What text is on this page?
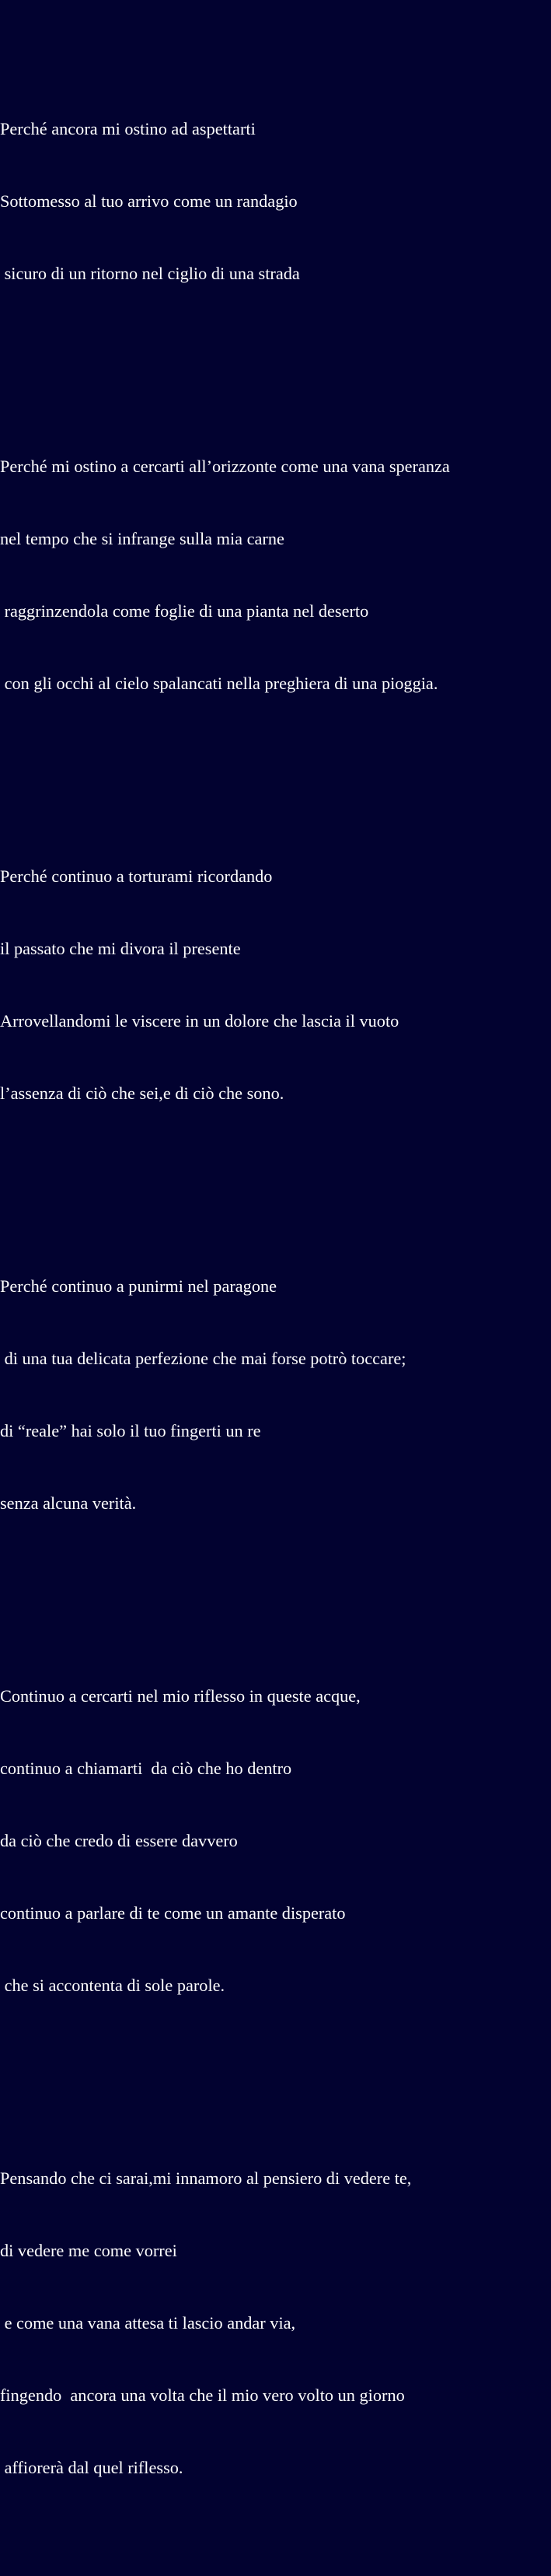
Perché ancora mi ostino ad aspettarti

Sottomesso al tuo arrivo come un randagio

sicuro di un ritorno nel ciglio di una strada

Perché mi ostino a cercarti all’orizzonte come una vana speranza

nel tempo che si infrange sulla mia carne

raggrinzendola come foglie di una pianta nel deserto

con gli occhi al cielo spalancati nella preghiera di una pioggia.

Perché continuo a torturami ricordando

il passato che mi divora il presente

Arrovellandomi le viscere in un dolore che lascia il vuoto

l’assenza di ciò che sei,e di ciò che sono.

Perché continuo a punirmi nel paragone

di una tua delicata perfezione che mai forse potrò toccare;

di “reale” hai solo il tuo fingerti un re

senza alcuna verità.

Continuo a cercarti nel mio riflesso in queste acque,

continuo a chiamarti  da ciò che ho dentro

da ciò che credo di essere davvero

continuo a parlare di te come un amante disperato

che si accontenta di sole parole.

Pensando che ci sarai,mi innamoro al pensiero di vedere te,

di vedere me come vorrei

e come una vana attesa ti lascio andar via,

fingendo  ancora una volta che il mio vero volto un giorno

affiorerà dal quel riflesso.
